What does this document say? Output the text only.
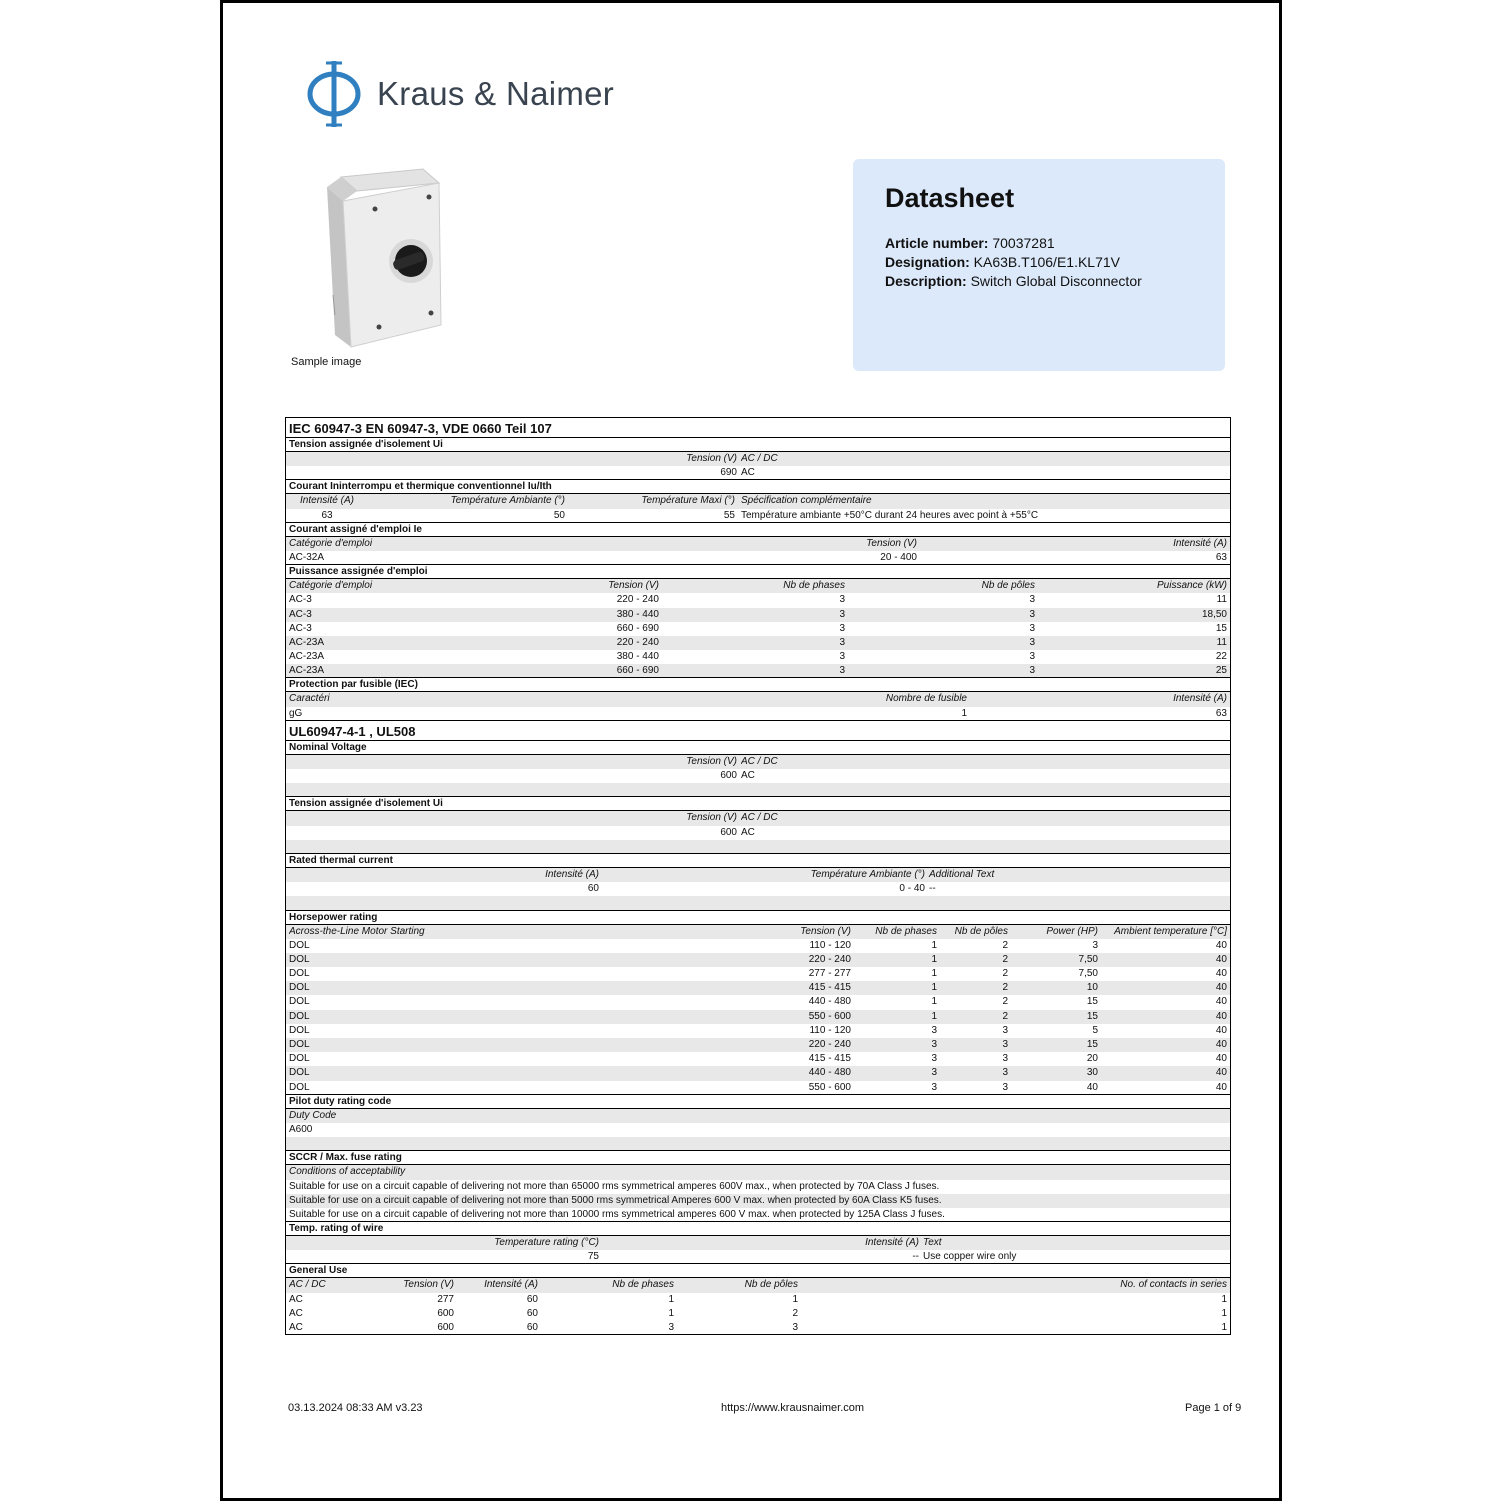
Kraus & Naimer
Sample image
Datasheet
Article number: 70037281
Designation: KA63B.T106/E1.KL71V
Description: Switch Global Disconnector
IEC 60947-3 EN 60947-3, VDE 0660 Teil 107
Tension assignée d'isolement Ui
Tension (V) AC / DC
690 AC
Courant Ininterrompu et thermique conventionnel Iu/Ith
Intensité (A)	Température Ambiante (°)	Température Maxi (°) Spécification complémentaire
63	50	55 Température ambiante +50°C durant 24 heures avec point à +55°C
Courant assigné d'emploi Ie
Catégorie d'emploi	Tension (V)	Intensité (A)
AC-32A	20 - 400	63
Puissance assignée d'emploi
Catégorie d'emploi	Tension (V)	Nb de phases	Nb de pôles	Puissance (kW)
AC-3	220 - 240	3	3	11
AC-3	380 - 440	3	3	18,50
AC-3	660 - 690	3	3	15
AC-23A	220 - 240	3	3	11
AC-23A	380 - 440	3	3	22
AC-23A	660 - 690	3	3	25
Protection par fusible (IEC)
Caractéri	Nombre de fusible	Intensité (A)
gG	1	63
UL60947-4-1 , UL508
Nominal Voltage
Tension (V) AC / DC
600 AC
Tension assignée d'isolement Ui
Tension (V) AC / DC
600 AC
Rated thermal current
Intensité (A)	Température Ambiante (°) Additional Text
60	0 - 40 --
Horsepower rating
Across-the-Line Motor Starting	Tension (V)	Nb de phases	Nb de pôles	Power (HP)	Ambient temperature [°C]
DOL	110 - 120	1	2	3	40
DOL	220 - 240	1	2	7,50	40
DOL	277 - 277	1	2	7,50	40
DOL	415 - 415	1	2	10	40
DOL	440 - 480	1	2	15	40
DOL	550 - 600	1	2	15	40
DOL	110 - 120	3	3	5	40
DOL	220 - 240	3	3	15	40
DOL	415 - 415	3	3	20	40
DOL	440 - 480	3	3	30	40
DOL	550 - 600	3	3	40	40
Pilot duty rating code
Duty Code
A600
SCCR / Max. fuse rating
Conditions of acceptability
Suitable for use on a circuit capable of delivering not more than 65000 rms symmetrical amperes 600V max., when protected by 70A Class J fuses.
Suitable for use on a circuit capable of delivering not more than 5000 rms symmetrical Amperes 600 V max. when protected by 60A Class K5 fuses.
Suitable for use on a circuit capable of delivering not more than 10000 rms symmetrical amperes 600 V max. when protected by 125A Class J fuses.
Temp. rating of wire
Temperature rating (°C)	Intensité (A) Text
75	-- Use copper wire only
General Use
AC / DC	Tension (V)	Intensité (A)	Nb de phases	Nb de pôles	No. of contacts in series
AC	277	60	1	1	1
AC	600	60	1	2	1
AC	600	60	3	3	1
03.13.2024 08:33 AM v3.23	https://www.krausnaimer.com	Page 1 of 9
